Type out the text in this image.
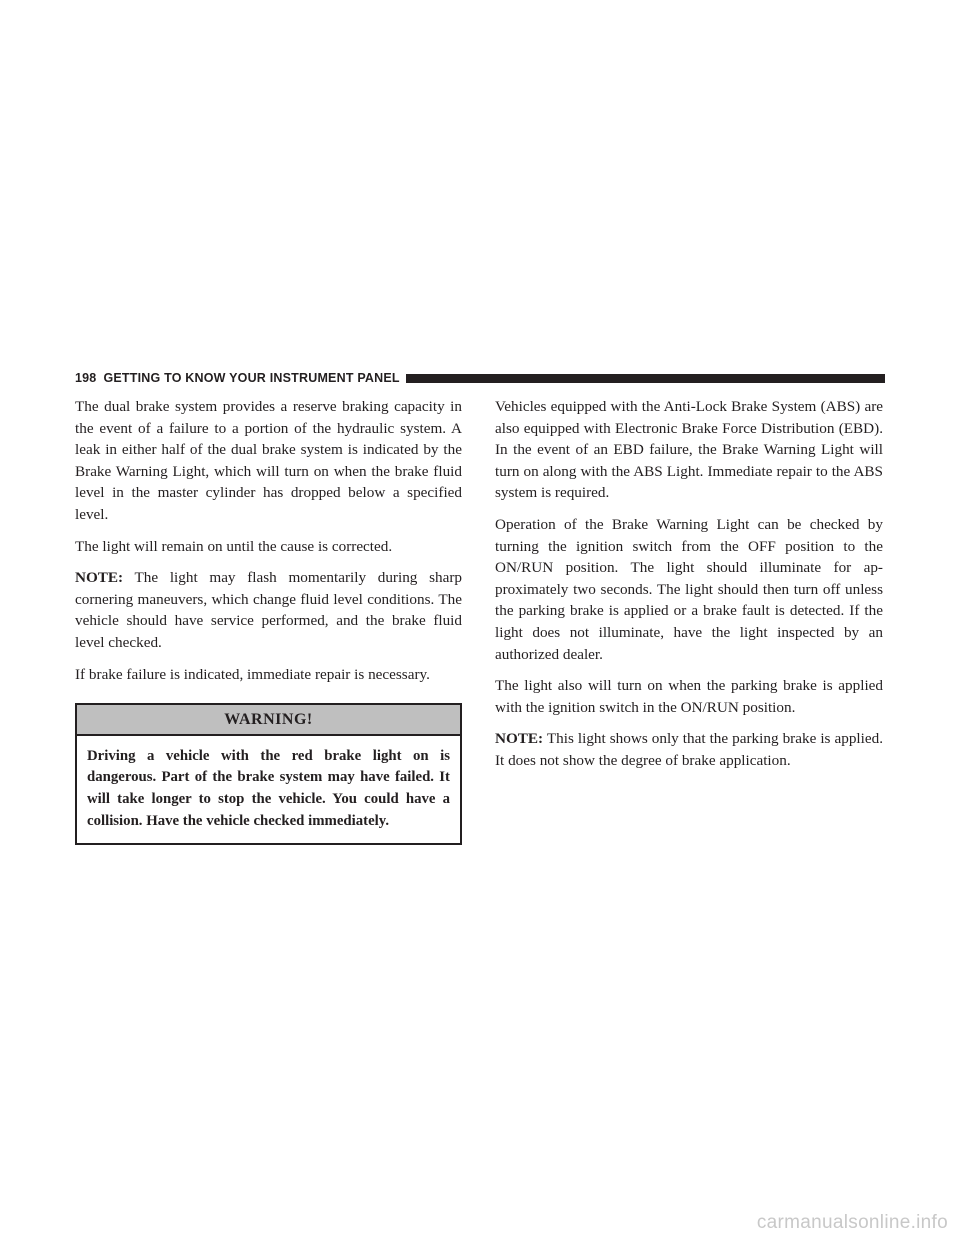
198 GETTING TO KNOW YOUR INSTRUMENT PANEL

The dual brake system provides a reserve braking capacity in the event of a failure to a portion of the hydraulic system. A leak in either half of the dual brake system is indicated by the Brake Warning Light, which will turn on when the brake fluid level in the master cylinder has dropped below a specified level.

The light will remain on until the cause is corrected.

NOTE: The light may flash momentarily during sharp cornering maneuvers, which change fluid level conditions. The vehicle should have service performed, and the brake fluid level checked.

If brake failure is indicated, immediate repair is necessary.

WARNING!
Driving a vehicle with the red brake light on is dangerous. Part of the brake system may have failed. It will take longer to stop the vehicle. You could have a collision. Have the vehicle checked immediately.

Vehicles equipped with the Anti-Lock Brake System (ABS) are also equipped with Electronic Brake Force Distribution (EBD). In the event of an EBD failure, the Brake Warning Light will turn on along with the ABS Light. Immediate repair to the ABS system is required.

Operation of the Brake Warning Light can be checked by turning the ignition switch from the OFF position to the ON/RUN position. The light should illuminate for ap-proximately two seconds. The light should then turn off unless the parking brake is applied or a brake fault is detected. If the light does not illuminate, have the light inspected by an authorized dealer.

The light also will turn on when the parking brake is applied with the ignition switch in the ON/RUN position.

NOTE: This light shows only that the parking brake is applied. It does not show the degree of brake application.

carmanualsonline.info
